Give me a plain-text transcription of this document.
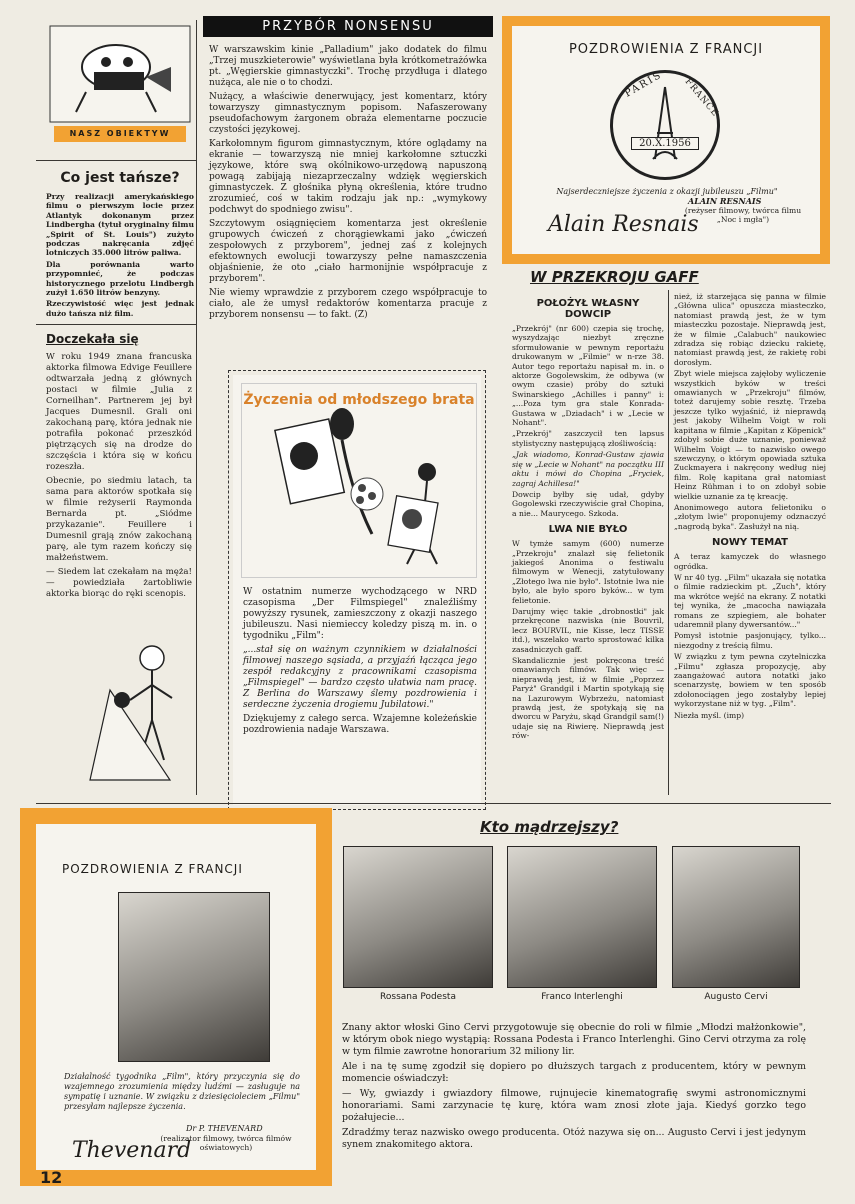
NASZ OBIEKTYW
Co jest tańsze?

Przy realizacji amerykańskiego filmu o pierwszym locie przez Atlantyk dokonanym przez Lindbergha (tytuł oryginalny filmu „Spirit of St. Louis") zużyto podczas nakręcania zdjęć lotniczych 35.000 litrów paliwa.

Dla porównania warto przypomnieć, że podczas historycznego przelotu Lindbergh zużył 1.650 litrów benzyny.

Rzeczywistość więc jest jednak dużo tańsza niż film.

Doczekała się

W roku 1949 znana francuska aktorka filmowa Edvige Feuillere odtwarzała jedną z głównych postaci w filmie „Julia z Corneilhan". Partnerem jej był Jacques Dumesnil. Grali oni zakochaną parę, która jednak nie potrafiła pokonać przeszkód piętrzących się na drodze do szczęścia i która się w końcu rozeszła.

Obecnie, po siedmiu latach, ta sama para aktorów spotkała się w filmie reżyserii Raymonda Bernarda pt. „Siódme przykazanie". Feuillere i Dumesnil grają znów zakochaną parę, ale tym razem kończy się małżeństwem.

— Siedem lat czekałam na męża! — powiedziała żartobliwie aktorka biorąc do ręki scenopis.

PRZYBÓR NONSENSU

W warszawskim kinie „Palladium" jako dodatek do filmu „Trzej muszkieterowie" wyświetlana była krótkometrażówka pt. „Węgierskie gimnastyczki". Trochę przydługa i dlatego nużąca, ale nie o to chodzi.

Nużący, a właściwie denerwujący, jest komentarz, który towarzyszy gimnastycznym popisom. Nafaszerowany pseudofachowym żargonem obraża elementarne poczucie czystości językowej.

Karkołomnym figurom gimnastycznym, które oglądamy na ekranie — towarzyszą nie mniej karkołomne sztuczki językowe, które swą okólnikowo-urzędową napuszoną powagą zabijają niezaprzeczalny wdzięk węgierskich gimnastyczek. Z głośnika płyną określenia, które trudno zrozumieć, coś w takim rodzaju jak np.: „wymykowy podchwyt do spodniego zwisu".

Szczytowym osiągnięciem komentarza jest określenie grupowych ćwiczeń z chorągiewkami jako „ćwiczeń zespołowych z przyborem", jednej zaś z kolejnych efektownych ewolucji towarzyszy pełne namaszczenia objaśnienie, że oto „ciało harmonijnie współpracuje z przyborem".

Nie wiemy wprawdzie z przyborem czego współpracuje to ciało, ale że umysł redaktorów komentarza pracuje z przyborem nonsensu — to fakt. (Z)

Życzenia od młodszego brata

W ostatnim numerze wychodzącego w NRD czasopisma „Der Filmspiegel" znaleźliśmy powyższy rysunek, zamieszczony z okazji naszego jubileuszu. Nasi niemieccy koledzy piszą m. in. o tygodniku „Film":

„...stał się on ważnym czynnikiem w działalności filmowej naszego sąsiada, a przyjaźń łącząca jego zespół redakcyjny z pracownikami czasopisma „Filmspiegel" — bardzo często ułatwia nam pracę. Z Berlina do Warszawy ślemy pozdrowienia i serdeczne życzenia drogiemu Jubilatowi."

Dziękujemy z całego serca. Wzajemne koleżeńskie pozdrowienia nadaje Warszawa.

POZDROWIENIA Z FRANCJI
PARIS FRANCE
20.X.1956

Najserdeczniejsze życzenia z okazji jubileuszu „Filmu"

ALAIN RESNAIS
(reżyser filmowy, twórca filmu „Noc i mgła")
Alain Resnais
W PRZEKROJU GAFF
POŁOŻYŁ WŁASNY DOWCIP

„Przekrój" (nr 600) czepia się trochę, wyszydzając niezbyt zręczne sformułowanie w pewnym reportażu drukowanym w „Filmie" w n-rze 38. Autor tego reportażu napisał m. in. o aktorze Gogolewskim, że odbywa (w owym czasie) próby do sztuki Swinarskiego „Achilles i panny" i: „...Poza tym gra stale Konrada-Gustawa w „Dziadach" i w „Lecie w Nohant".

„Przekrój" zaszczycił ten lapsus stylistyczny następującą złośliwością:

„Jak wiadomo, Konrad-Gustaw zjawia się w „Lecie w Nohant" na początku III aktu i mówi do Chopina „Fryciek, zagraj Achillesa!"

Dowcip byłby się udał, gdyby Gogolewski rzeczywiście grał Chopina, a nie... Maurycego. Szkoda.

LWA NIE BYŁO

W tymże samym (600) numerze „Przekroju" znalazł się felietonik jakiegoś Anonima o festiwalu filmowym w Wenecji, zatytułowany „Złotego lwa nie było". Istotnie lwa nie było, ale było sporo byków... w tym felietonie.

Darujmy więc takie „drobnostki" jak przekręcone nazwiska (nie Bouvril, lecz BOURVIL, nie Kisse, lecz TISSE itd.), wszelako warto sprostować kilka zasadniczych gaff.

Skandalicznie jest pokręcona treść omawianych filmów. Tak więc — nieprawdą jest, iż w filmie „Poprzez Paryż" Grandgil i Martin spotykają się na Lazurowym Wybrzeżu, natomiast prawdą jest, że spotykają się na dworcu w Paryżu, skąd Grandgil sam(!) udaje się na Riwierę. Nieprawdą jest rów-

nież, iż starzejąca się panna w filmie „Główna ulica" opuszcza miasteczko, natomiast prawdą jest, że w tym miasteczku pozostaje. Nieprawdą jest, że w filmie „Calabuch" naukowiec zdradza się robiąc dziecku rakietę, natomiast prawdą jest, że rakietę robi dorosłym.

Zbyt wiele miejsca zajęłoby wyliczenie wszystkich byków w treści omawianych w „Przekroju" filmów, toteż darujemy sobie resztę. Trzeba jeszcze tylko wyjaśnić, iż nieprawdą jest jakoby Wilhelm Voigt w roli kapitana w filmie „Kapitan z Köpenick" zdobył sobie duże uznanie, ponieważ Wilhelm Voigt — to nazwisko owego szewczyny, o którym opowiada sztuka Zuckmayera i nakręcony według niej film. Rolę kapitana grał natomiast Heinz Rühman i to on zdobył sobie wielkie uznanie za tę kreację.

Anonimowego autora felietoniku o „złotym lwie" proponujemy odznaczyć „nagrodą byka". Zasłużył na nią.

NOWY TEMAT

A teraz kamyczek do własnego ogródka.

W nr 40 tyg. „Film" ukazała się notatka o filmie radzieckim pt. „Zuch", który ma wkrótce wejść na ekrany. Z notatki tej wynika, że „macocha nawiązała romans ze szpiegiem, ale bohater udaremnił plany dywersantów..."

Pomysł istotnie pasjonujący, tylko... niezgodny z treścią filmu.

W związku z tym pewna czytelniczka „Filmu" zgłasza propozycję, aby zaangażować autora notatki jako scenarzystę, bowiem w ten sposób zdołonociągen jego zostałyby lepiej wykorzystane niż w tyg. „Film".

Niezła myśl. (imp)

POZDROWIENIA Z FRANCJI

Działalność tygodnika „Film", który przyczynia się do wzajemnego zrozumienia między ludźmi — zasługuje na sympatię i uznanie. W związku z dziesięcioleciem „Filmu" przesyłam najlepsze życzenia.

Dr P. THEVENARD
(realizator filmowy, twórca filmów oświatowych)
Thevenard
12
Kto mądrzejszy?
Rossana Podesta	Franco Interlenghi	Augusto Cervi

Znany aktor włoski Gino Cervi przygotowuje się obecnie do roli w filmie „Młodzi małżonkowie", w którym obok niego wystąpią: Rossana Podesta i Franco Interlenghi. Gino Cervi otrzyma za rolę w tym filmie zawrotne honorarium 32 miliony lir.

Ale i na tę sumę zgodził się dopiero po dłuższych targach z producentem, który w pewnym momencie oświadczył:

— Wy, gwiazdy i gwiazdory filmowe, rujnujecie kinematografię swymi astronomicznymi honorariami. Sami zarzynacie tę kurę, która wam znosi złote jaja. Kiedyś gorzko tego pożałujecie...

Zdradźmy teraz nazwisko owego producenta. Otóż nazywa się on... Augusto Cervi i jest jedynym synem znakomitego aktora.
